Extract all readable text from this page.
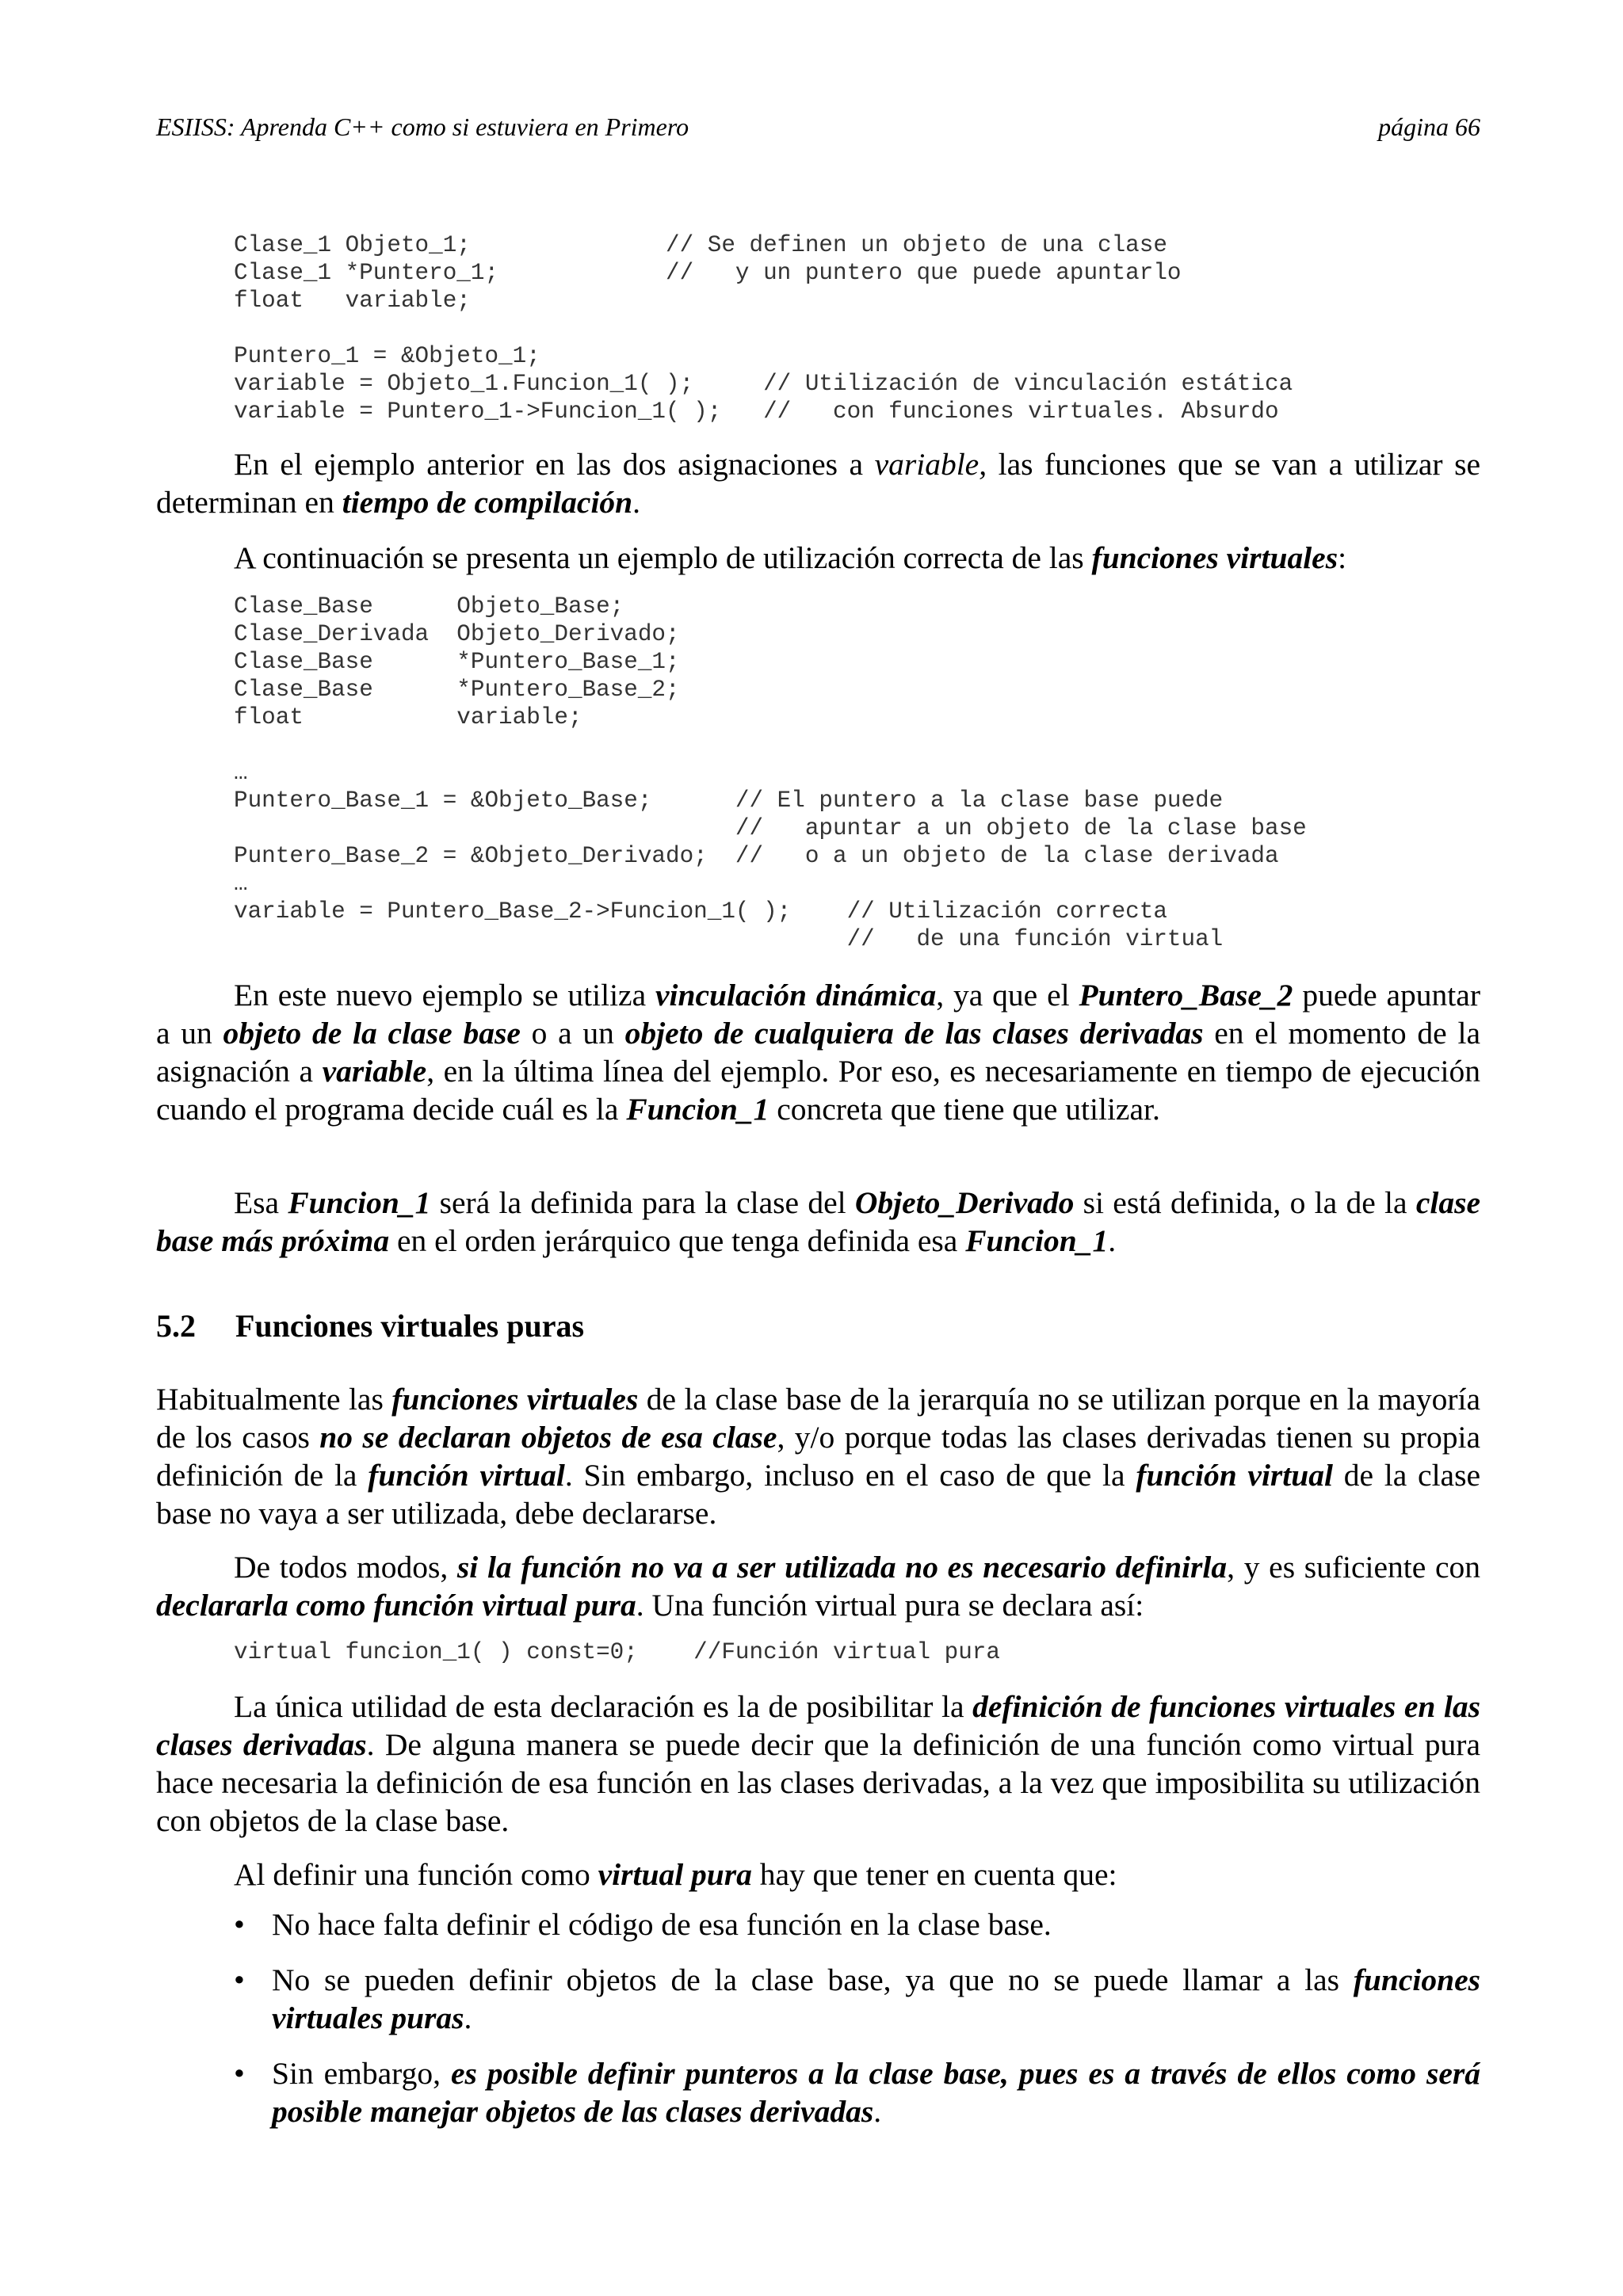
ESIISS: Aprenda C++ como si estuviera en Primero	página 66
Clase_1 Objeto_1;              // Se definen un objeto de una clase
Clase_1 *Puntero_1;            //   y un puntero que puede apuntarlo
float   variable;

Puntero_1 = &Objeto_1;
variable = Objeto_1.Funcion_1( );     // Utilización de vinculación estática
variable = Puntero_1->Funcion_1( );   //   con funciones virtuales. Absurdo

En el ejemplo anterior en las dos asignaciones a variable, las funciones que se van a utilizar se determinan en tiempo de compilación.

A continuación se presenta un ejemplo de utilización correcta de las funciones virtuales:

Clase_Base      Objeto_Base;
Clase_Derivada  Objeto_Derivado;
Clase_Base      *Puntero_Base_1;
Clase_Base      *Puntero_Base_2;
float           variable;

…
Puntero_Base_1 = &Objeto_Base;      // El puntero a la clase base puede
//   apuntar a un objeto de la clase base
Puntero_Base_2 = &Objeto_Derivado;  //   o a un objeto de la clase derivada
…
variable = Puntero_Base_2->Funcion_1( );    // Utilización correcta
//   de una función virtual

En este nuevo ejemplo se utiliza vinculación dinámica, ya que el Puntero_Base_2 puede apuntar a un objeto de la clase base o a un objeto de cualquiera de las clases derivadas en el momento de la asignación a variable, en la última línea del ejemplo. Por eso, es necesariamente en tiempo de ejecución cuando el programa decide cuál es la Funcion_1 concreta que tiene que utilizar.

Esa Funcion_1 será la definida para la clase del Objeto_Derivado si está definida, o la de la clase base más próxima en el orden jerárquico que tenga definida esa Funcion_1.

5.2 Funciones virtuales puras

Habitualmente las funciones virtuales de la clase base de la jerarquía no se utilizan porque en la mayoría de los casos no se declaran objetos de esa clase, y/o porque todas las clases derivadas tienen su propia definición de la función virtual. Sin embargo, incluso en el caso de que la función virtual de la clase base no vaya a ser utilizada, debe declararse.

De todos modos, si la función no va a ser utilizada no es necesario definirla, y es suficiente con declararla como función virtual pura. Una función virtual pura se declara así:

virtual funcion_1( ) const=0;    //Función virtual pura

La única utilidad de esta declaración es la de posibilitar la definición de funciones virtuales en las clases derivadas. De alguna manera se puede decir que la definición de una función como virtual pura hace necesaria la definición de esa función en las clases derivadas, a la vez que imposibilita su utilización con objetos de la clase base.

Al definir una función como virtual pura hay que tener en cuenta que:

• No hace falta definir el código de esa función en la clase base.
• No se pueden definir objetos de la clase base, ya que no se puede llamar a las funciones virtuales puras.
• Sin embargo, es posible definir punteros a la clase base, pues es a través de ellos como será posible manejar objetos de las clases derivadas.
